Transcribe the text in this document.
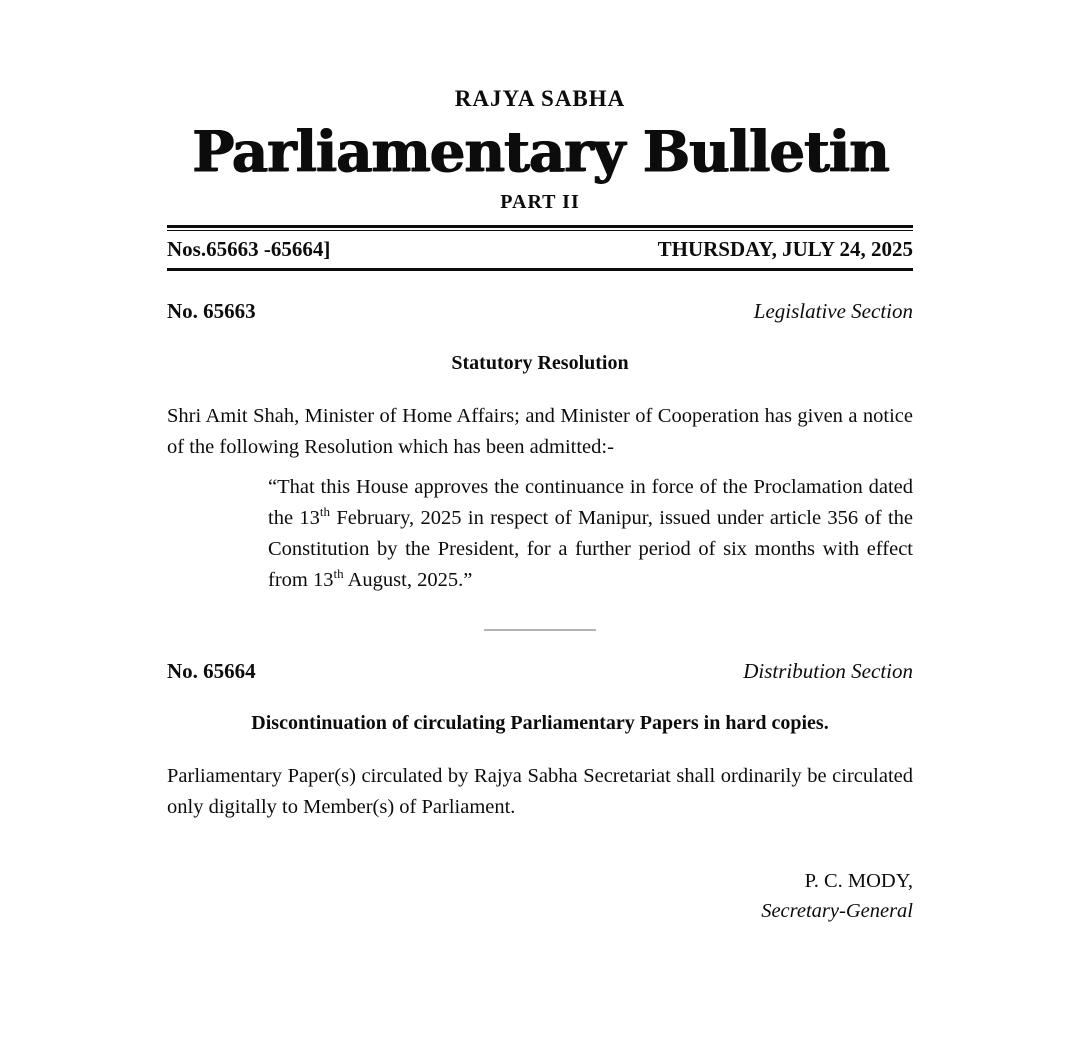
RAJYA SABHA
Parliamentary Bulletin
PART II
Nos.65663 -65664]	THURSDAY, JULY 24, 2025
No. 65663	Legislative Section
Statutory Resolution

Shri Amit Shah, Minister of Home Affairs; and Minister of Cooperation has given a notice of the following Resolution which has been admitted:-

“That this House approves the continuance in force of the Proclamation dated the 13th February, 2025 in respect of Manipur, issued under article 356 of the Constitution by the President, for a further period of six months with effect from 13th August, 2025.”

No. 65664	Distribution Section
Discontinuation of circulating Parliamentary Papers in hard copies.

Parliamentary Paper(s) circulated by Rajya Sabha Secretariat shall ordinarily be circulated only digitally to Member(s) of Parliament.

P. C. MODY,
Secretary-General
